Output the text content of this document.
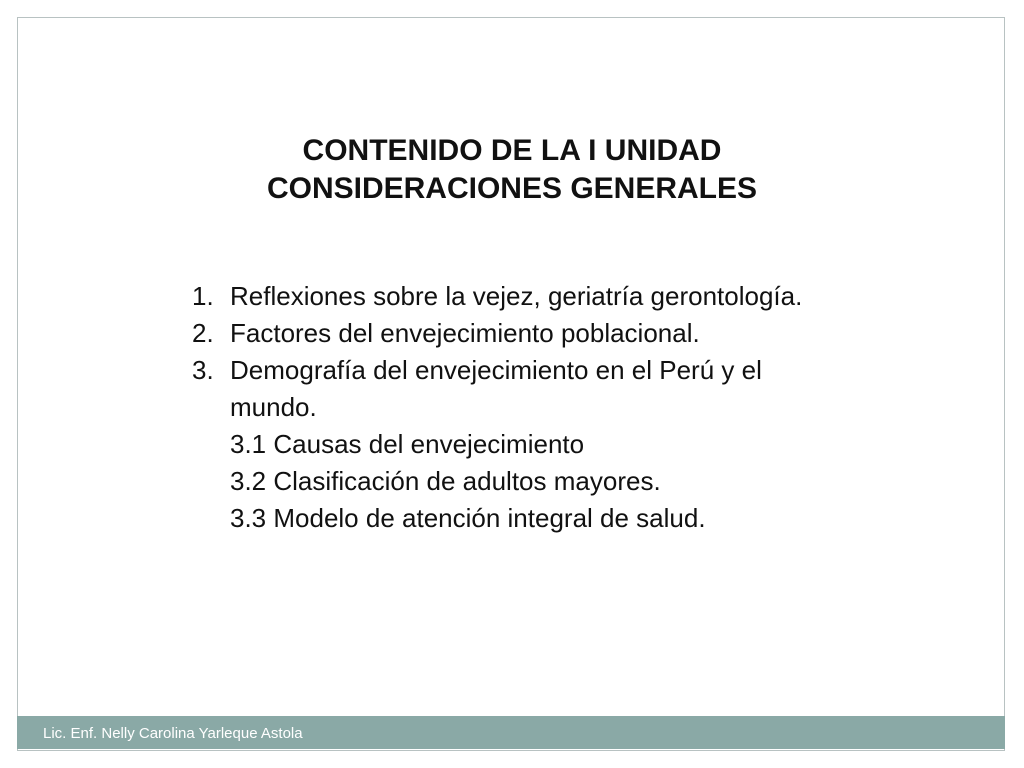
CONTENIDO DE LA I UNIDAD
CONSIDERACIONES GENERALES
1. Reflexiones sobre la vejez, geriatría gerontología.
2. Factores del envejecimiento poblacional.
3. Demografía del envejecimiento en el Perú y el mundo.
3.1 Causas del envejecimiento
3.2 Clasificación de adultos mayores.
3.3 Modelo de atención integral de salud.
Lic. Enf. Nelly Carolina Yarleque Astola
